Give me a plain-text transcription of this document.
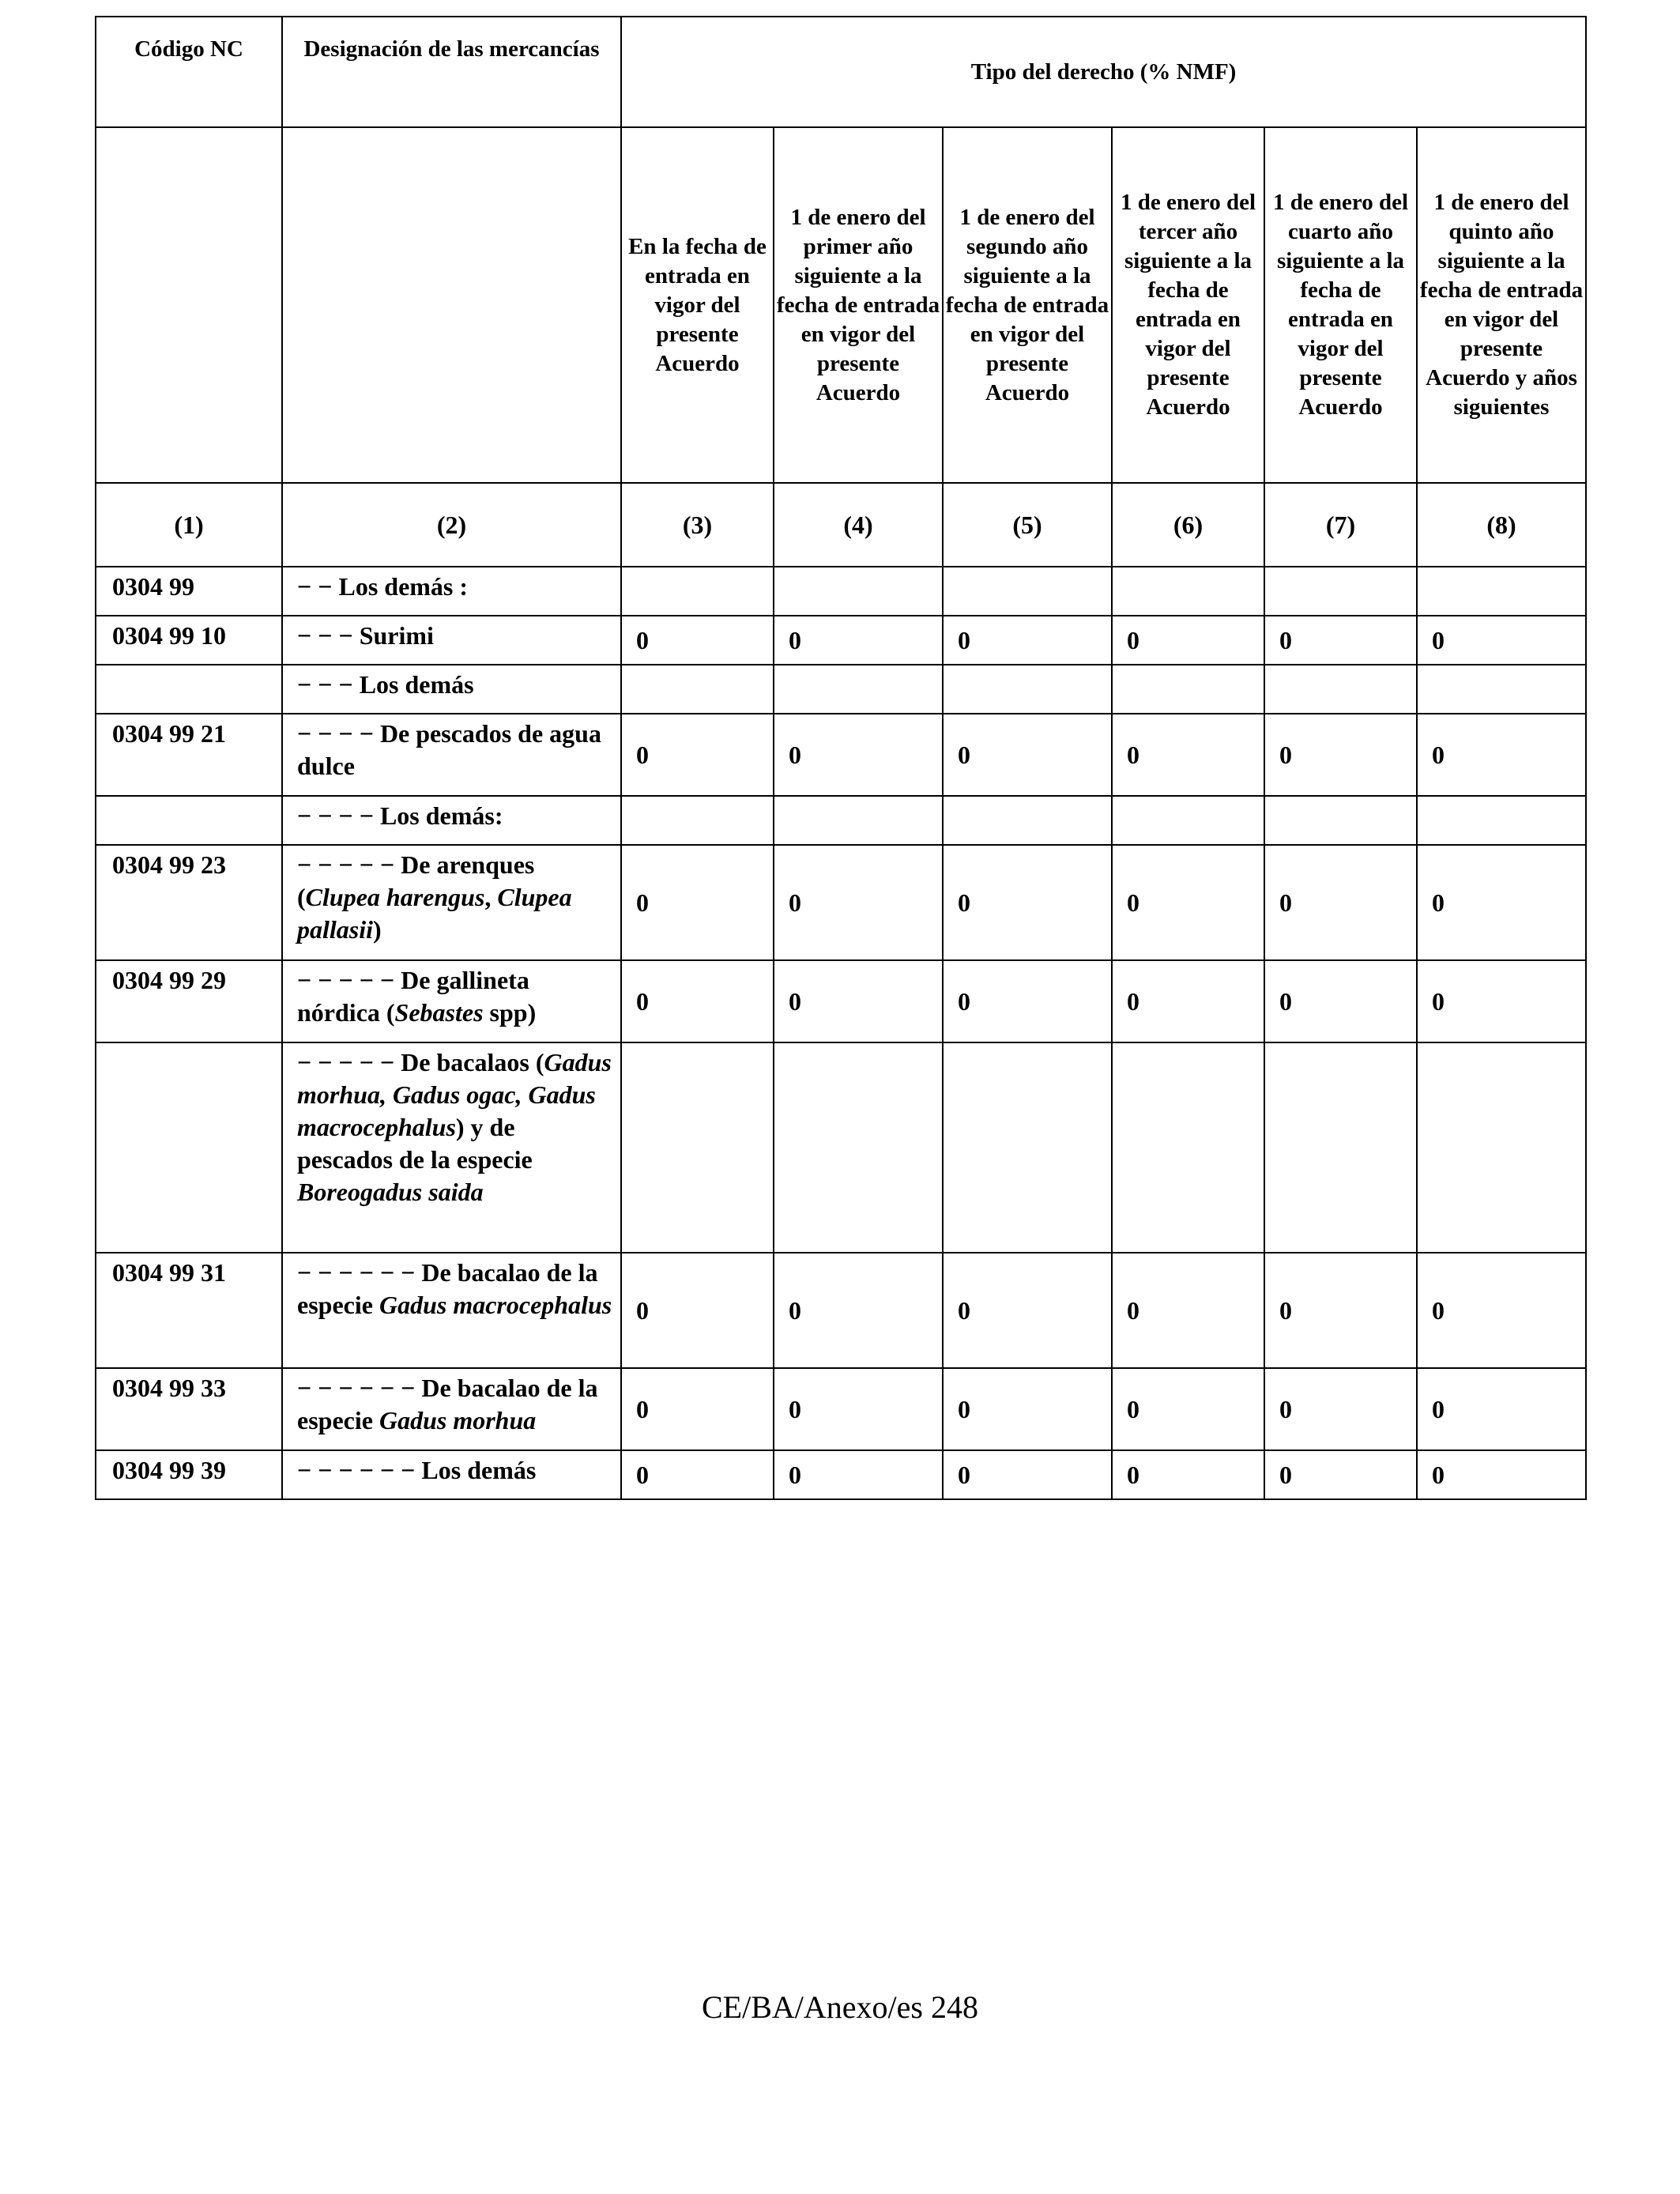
Código NC	Designación de las mercancías	Tipo del derecho (% NMF)					
		En la fecha de entrada en vigor del presente Acuerdo	1 de enero del primer año siguiente a la fecha de entrada en vigor del presente Acuerdo	1 de enero del segundo año siguiente a la fecha de entrada en vigor del presente Acuerdo	1 de enero del tercer año siguiente a la fecha de entrada en vigor del presente Acuerdo	1 de enero del cuarto año siguiente a la fecha de entrada en vigor del presente Acuerdo	1 de enero del quinto año siguiente a la fecha de entrada en vigor del presente Acuerdo y años siguientes
(1)	(2)	(3)	(4)	(5)	(6)	(7)	(8)
0304 99	− − Los demás :						
0304 99 10	− − − Surimi	0	0	0	0	0	0
	− − − Los demás						
0304 99 21	− − − − De pescados de agua dulce	0	0	0	0	0	0
	− − − − Los demás:						
0304 99 23	− − − − − De arenques (Clupea harengus, Clupea pallasii)	0	0	0	0	0	0
0304 99 29	− − − − − De gallineta nórdica (Sebastes spp)	0	0	0	0	0	0
	− − − − − De bacalaos (Gadus morhua, Gadus ogac, Gadus macrocephalus) y de pescados de la especie Boreogadus saida						
0304 99 31	− − − − − − De bacalao de la especie Gadus macrocephalus	0	0	0	0	0	0
0304 99 33	− − − − − − De bacalao de la especie Gadus morhua	0	0	0	0	0	0
0304 99 39	− − − − − − Los demás	0	0	0	0	0	0
CE/BA/Anexo/es 248
